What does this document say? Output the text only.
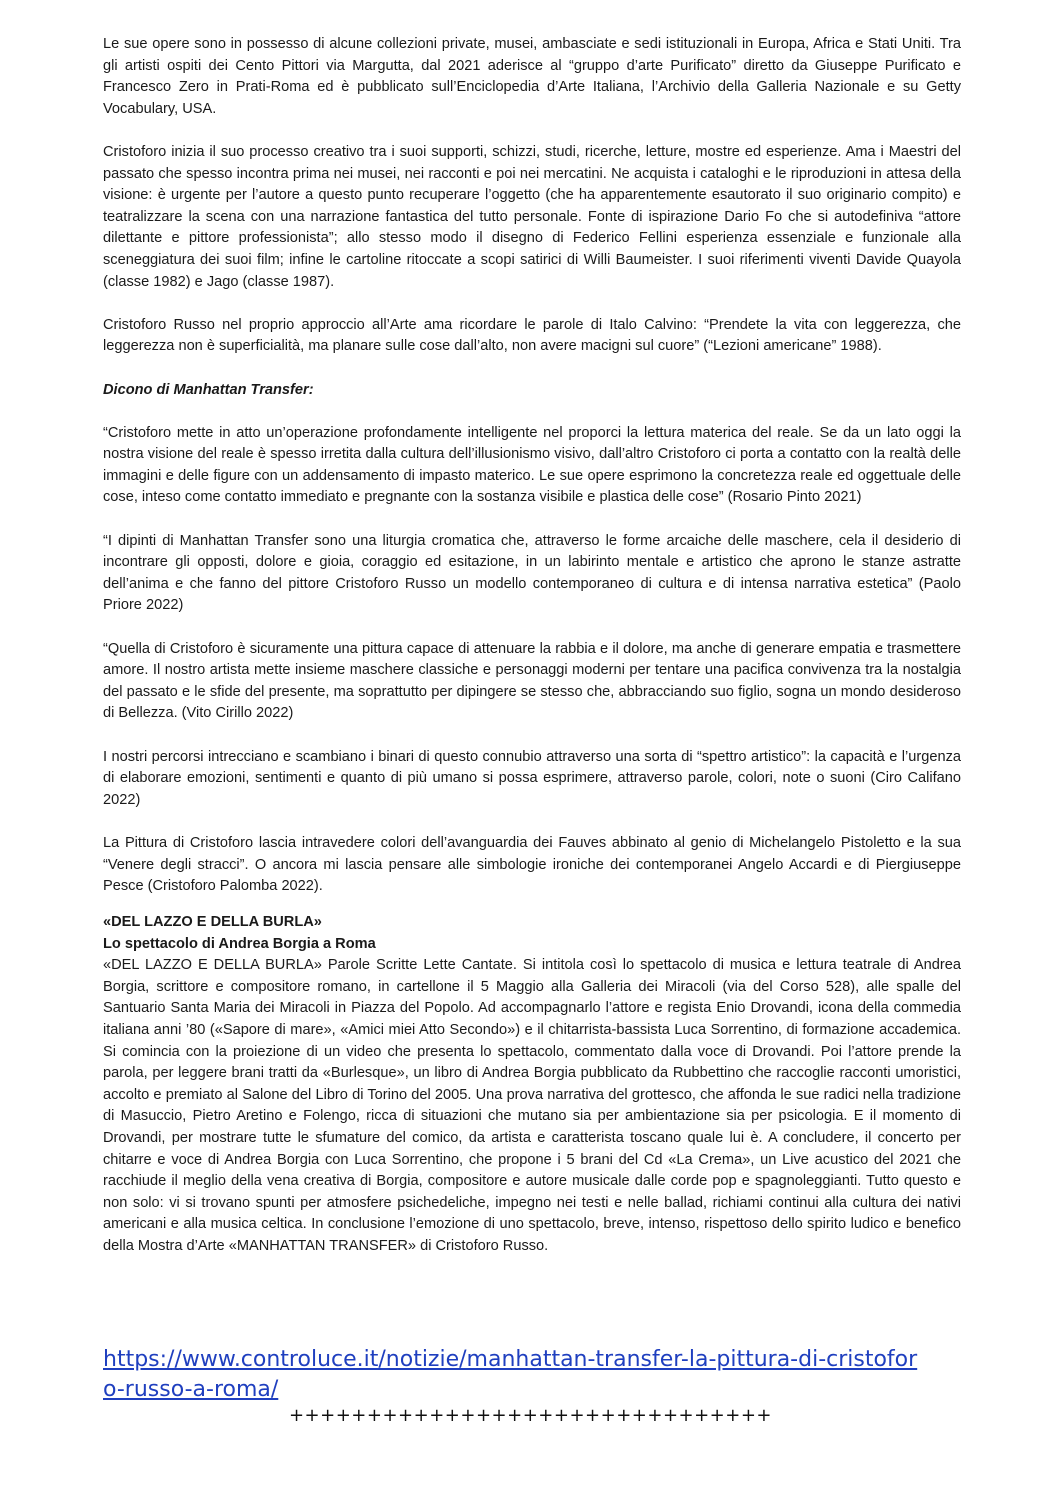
Le sue opere sono in possesso di alcune collezioni private, musei, ambasciate e sedi istituzionali in Europa, Africa e Stati Uniti. Tra gli artisti ospiti dei Cento Pittori via Margutta, dal 2021 aderisce al “gruppo d’arte Purificato” diretto da Giuseppe Purificato e Francesco Zero in Prati-Roma ed è pubblicato sull’Enciclopedia d’Arte Italiana, l’Archivio della Galleria Nazionale e su Getty Vocabulary, USA.

Cristoforo inizia il suo processo creativo tra i suoi supporti, schizzi, studi, ricerche, letture, mostre ed esperienze. Ama i Maestri del passato che spesso incontra prima nei musei, nei racconti e poi nei mercatini. Ne acquista i cataloghi e le riproduzioni in attesa della visione: è urgente per l’autore a questo punto recuperare l’oggetto (che ha apparentemente esautorato il suo originario compito) e teatralizzare la scena con una narrazione fantastica del tutto personale. Fonte di ispirazione Dario Fo che si autodefiniva “attore dilettante e pittore professionista”; allo stesso modo il disegno di Federico Fellini esperienza essenziale e funzionale alla sceneggiatura dei suoi film; infine le cartoline ritoccate a scopi satirici di Willi Baumeister. I suoi riferimenti viventi Davide Quayola (classe 1982) e Jago (classe 1987).

Cristoforo Russo nel proprio approccio all’Arte ama ricordare le parole di Italo Calvino: “Prendete la vita con leggerezza, che leggerezza non è superficialità, ma planare sulle cose dall’alto, non avere macigni sul cuore” (“Lezioni americane” 1988).

Dicono di Manhattan Transfer:

“Cristoforo mette in atto un’operazione profondamente intelligente nel proporci la lettura materica del reale. Se da un lato oggi la nostra visione del reale è spesso irretita dalla cultura dell’illusionismo visivo, dall’altro Cristoforo ci porta a contatto con la realtà delle immagini e delle figure con un addensamento di impasto materico. Le sue opere esprimono la concretezza reale ed oggettuale delle cose, inteso come contatto immediato e pregnante con la sostanza visibile e plastica delle cose” (Rosario Pinto 2021)

“I dipinti di Manhattan Transfer sono una liturgia cromatica che, attraverso le forme arcaiche delle maschere, cela il desiderio di incontrare gli opposti, dolore e gioia, coraggio ed esitazione, in un labirinto mentale e artistico che aprono le stanze astratte dell’anima e che fanno del pittore Cristoforo Russo un modello contemporaneo di cultura e di intensa narrativa estetica” (Paolo Priore 2022)

“Quella di Cristoforo è sicuramente una pittura capace di attenuare la rabbia e il dolore, ma anche di generare empatia e trasmettere amore. Il nostro artista mette insieme maschere classiche e personaggi moderni per tentare una pacifica convivenza tra la nostalgia del passato e le sfide del presente, ma soprattutto per dipingere se stesso che, abbracciando suo figlio, sogna un mondo desideroso di Bellezza. (Vito Cirillo 2022)

I nostri percorsi intrecciano e scambiano i binari di questo connubio attraverso una sorta di “spettro artistico”: la capacità e l’urgenza di elaborare emozioni, sentimenti e quanto di più umano si possa esprimere, attraverso parole, colori, note o suoni (Ciro Califano 2022)

La Pittura di Cristoforo lascia intravedere colori dell’avanguardia dei Fauves abbinato al genio di Michelangelo Pistoletto e la sua “Venere degli stracci”. O ancora mi lascia pensare alle simbologie ironiche dei contemporanei Angelo Accardi e di Piergiuseppe Pesce (Cristoforo Palomba 2022).

«DEL LAZZO E DELLA BURLA»

Lo spettacolo di Andrea Borgia a Roma

«DEL LAZZO E DELLA BURLA» Parole Scritte Lette Cantate. Si intitola così lo spettacolo di musica e lettura teatrale di Andrea Borgia, scrittore e compositore romano, in cartellone il 5 Maggio alla Galleria dei Miracoli (via del Corso 528), alle spalle del Santuario Santa Maria dei Miracoli in Piazza del Popolo. Ad accompagnarlo l’attore e regista Enio Drovandi, icona della commedia italiana anni ’80 («Sapore di mare», «Amici miei Atto Secondo») e il chitarrista-bassista Luca Sorrentino, di formazione accademica. Si comincia con la proiezione di un video che presenta lo spettacolo, commentato dalla voce di Drovandi. Poi l’attore prende la parola, per leggere brani tratti da «Burlesque», un libro di Andrea Borgia pubblicato da Rubbettino che raccoglie racconti umoristici, accolto e premiato al Salone del Libro di Torino del 2005. Una prova narrativa del grottesco, che affonda le sue radici nella tradizione di Masuccio, Pietro Aretino e Folengo, ricca di situazioni che mutano sia per ambientazione sia per psicologia. E il momento di Drovandi, per mostrare tutte le sfumature del comico, da artista e caratterista toscano quale lui è. A concludere, il concerto per chitarre e voce di Andrea Borgia con Luca Sorrentino, che propone i 5 brani del Cd «La Crema», un Live acustico del 2021 che racchiude il meglio della vena creativa di Borgia, compositore e autore musicale dalle corde pop e spagnoleggianti. Tutto questo e non solo: vi si trovano spunti per atmosfere psichedeliche, impegno nei testi e nelle ballad, richiami continui alla cultura dei nativi americani e alla musica celtica. In conclusione l’emozione di uno spettacolo, breve, intenso, rispettoso dello spirito ludico e benefico della Mostra d’Arte «MANHATTAN TRANSFER» di Cristoforo Russo.

https://www.controluce.it/notizie/manhattan-transfer-la-pittura-di-cristoforo-russo-a-roma/
+++++++++++++++++++++++++++++++
